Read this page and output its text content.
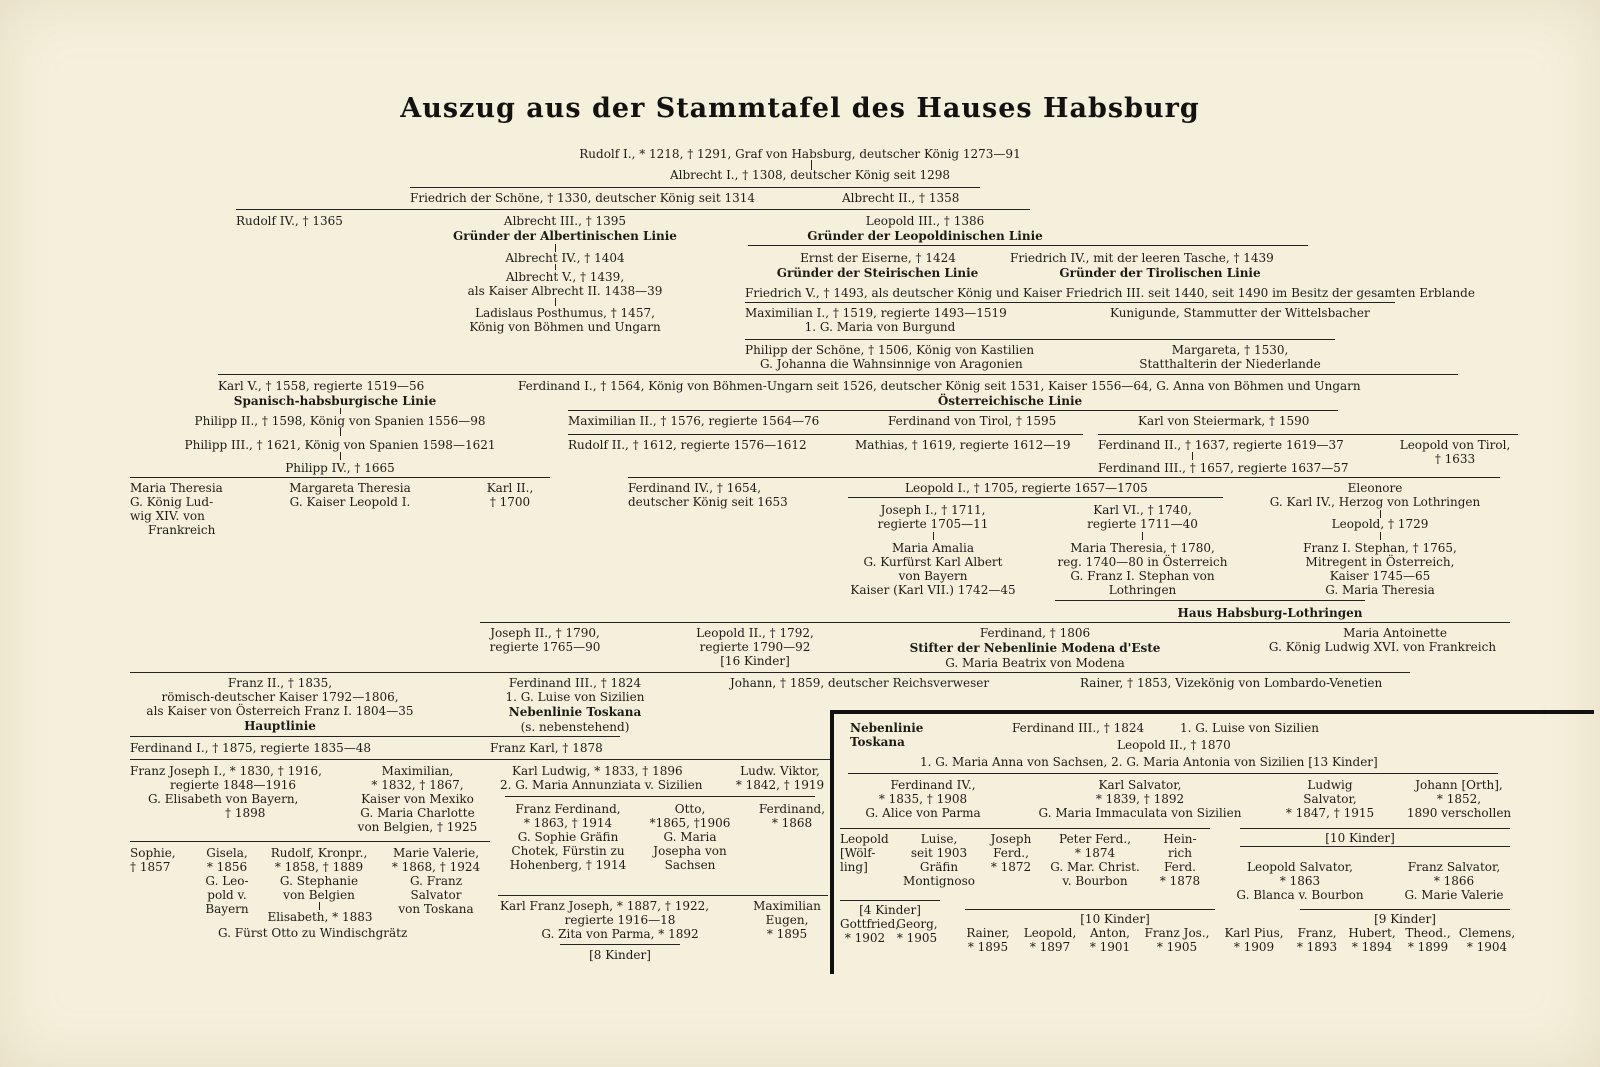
Auszug aus der Stammtafel des Hauses Habsburg
Rudolf I., * 1218, † 1291, Graf von Habsburg, deutscher König 1273—91
Albrecht I., † 1308, deutscher König seit 1298
Friedrich der Schöne, † 1330, deutscher König seit 1314	Albrecht II., † 1358
Rudolf IV., † 1365	Albrecht III., † 1395
Gründer der Albertinischen Linie
Leopold III., † 1386
Gründer der Leopoldinischen Linie
Albrecht IV., † 1404	Ernst der Eiserne, † 1424
Gründer der Steirischen Linie
Friedrich IV., mit der leeren Tasche, † 1439
Gründer der Tirolischen Linie
Albrecht V., † 1439,
als Kaiser Albrecht II. 1438—39	Friedrich V., † 1493, als deutscher König und Kaiser Friedrich III. seit 1440, seit 1490 im Besitz der gesamten Erblande
Ladislaus Posthumus, † 1457,
König von Böhmen und Ungarn
Maximilian I., † 1519, regierte 1493—1519
1. G. Maria von Burgund
Kunigunde, Stammutter der Wittelsbacher
Philipp der Schöne, † 1506, König von Kastilien
G. Johanna die Wahnsinnige von Aragonien
Margareta, † 1530,
Statthalterin der Niederlande
Karl V., † 1558, regierte 1519—56
Spanisch-habsburgische Linie
Ferdinand I., † 1564, König von Böhmen-Ungarn seit 1526, deutscher König seit 1531, Kaiser 1556—64, G. Anna von Böhmen und Ungarn
Österreichische Linie
Philipp II., † 1598, König von Spanien 1556—98	Maximilian II., † 1576, regierte 1564—76	Ferdinand von Tirol, † 1595	Karl von Steiermark, † 1590
Philipp III., † 1621, König von Spanien 1598—1621	Rudolf II., † 1612, regierte 1576—1612	Mathias, † 1619, regierte 1612—19 Ferdinand II., † 1637, regierte 1619—37	Leopold von Tirol,
† 1633
Philipp IV., † 1665	Ferdinand III., † 1657, regierte 1637—57
Maria Theresia
G. König Lud-
wig XIV. von
Frankreich
Margareta Theresia
G. Kaiser Leopold I.
Karl II.,
† 1700
Ferdinand IV., † 1654,
deutscher König seit 1653
Leopold I., † 1705, regierte 1657—1705	Eleonore
G. Karl IV., Herzog von Lothringen
Joseph I., † 1711,
regierte 1705—11
Karl VI., † 1740,
regierte 1711—40	Leopold, † 1729
Maria Amalia
G. Kurfürst Karl Albert
von Bayern
Kaiser (Karl VII.) 1742—45
Maria Theresia, † 1780,
reg. 1740—80 in Österreich
G. Franz I. Stephan von
Lothringen
Franz I. Stephan, † 1765,
Mitregent in Österreich,
Kaiser 1745—65
G. Maria Theresia
Haus Habsburg-Lothringen
Joseph II., † 1790,
regierte 1765—90
Leopold II., † 1792,
regierte 1790—92
[16 Kinder]
Ferdinand, † 1806
Stifter der Nebenlinie Modena d'Este
G. Maria Beatrix von Modena
Maria Antoinette
G. König Ludwig XVI. von Frankreich
Franz II., † 1835,
römisch-deutscher Kaiser 1792—1806,
als Kaiser von Österreich Franz I. 1804—35
Hauptlinie
Ferdinand III., † 1824
1. G. Luise von Sizilien
Nebenlinie Toskana
(s. nebenstehend)
Johann, † 1859, deutscher Reichsverweser	Rainer, † 1853, Vizekönig von Lombardo-Venetien
Ferdinand I., † 1875, regierte 1835—48	Franz Karl, † 1878
Franz Joseph I., * 1830, † 1916,
regierte 1848—1916
G. Elisabeth von Bayern,
† 1898
Maximilian,
* 1832, † 1867,
Kaiser von Mexiko
G. Maria Charlotte
von Belgien, † 1925
Karl Ludwig, * 1833, † 1896
2. G. Maria Annunziata v. Sizilien
Ludw. Viktor,
* 1842, † 1919
Franz Ferdinand,
* 1863, † 1914
G. Sophie Gräfin
Chotek, Fürstin zu
Hohenberg, † 1914
Otto,
*1865, †1906
G. Maria
Josepha von
Sachsen
Ferdinand,
* 1868
Sophie,
† 1857
Gisela,
* 1856
G. Leo-
pold v.
Bayern
Rudolf, Kronpr.,
* 1858, † 1889
G. Stephanie
von Belgien
Elisabeth, * 1883
Marie Valerie,
* 1868, † 1924
G. Franz
Salvator
von Toskana
G. Fürst Otto zu Windischgrätz
Karl Franz Joseph, * 1887, † 1922,
regierte 1916—18
G. Zita von Parma, * 1892
[8 Kinder]
Maximilian
Eugen,
* 1895
Nebenlinie
Toskana
Ferdinand III., † 1824	1. G. Luise von Sizilien
Leopold II., † 1870
1. G. Maria Anna von Sachsen, 2. G. Maria Antonia von Sizilien [13 Kinder]
Ferdinand IV.,
* 1835, † 1908
G. Alice von Parma
Karl Salvator,
* 1839, † 1892
G. Maria Immaculata von Sizilien
Ludwig
Salvator,
* 1847, † 1915
Johann [Orth],
* 1852,
1890 verschollen
[10 Kinder]
Leopold
[Wölf-
ling]
Luise,
seit 1903
Gräfin
Montignoso
Joseph
Ferd.,
* 1872
Peter Ferd.,
* 1874
G. Mar. Christ.
v. Bourbon
Hein-
rich
Ferd.
* 1878
Leopold Salvator,
* 1863
G. Blanca v. Bourbon
Franz Salvator,
* 1866
G. Marie Valerie
[4 Kinder]
Gottfried,
* 1902
Georg,
* 1905
[10 Kinder]
Rainer,
* 1895
Leopold,
* 1897
Anton,
* 1901
Franz Jos.,
* 1905
Karl Pius,
* 1909
[9 Kinder]
Franz,
* 1893
Hubert,
* 1894
Theod.,
* 1899
Clemens,
* 1904
